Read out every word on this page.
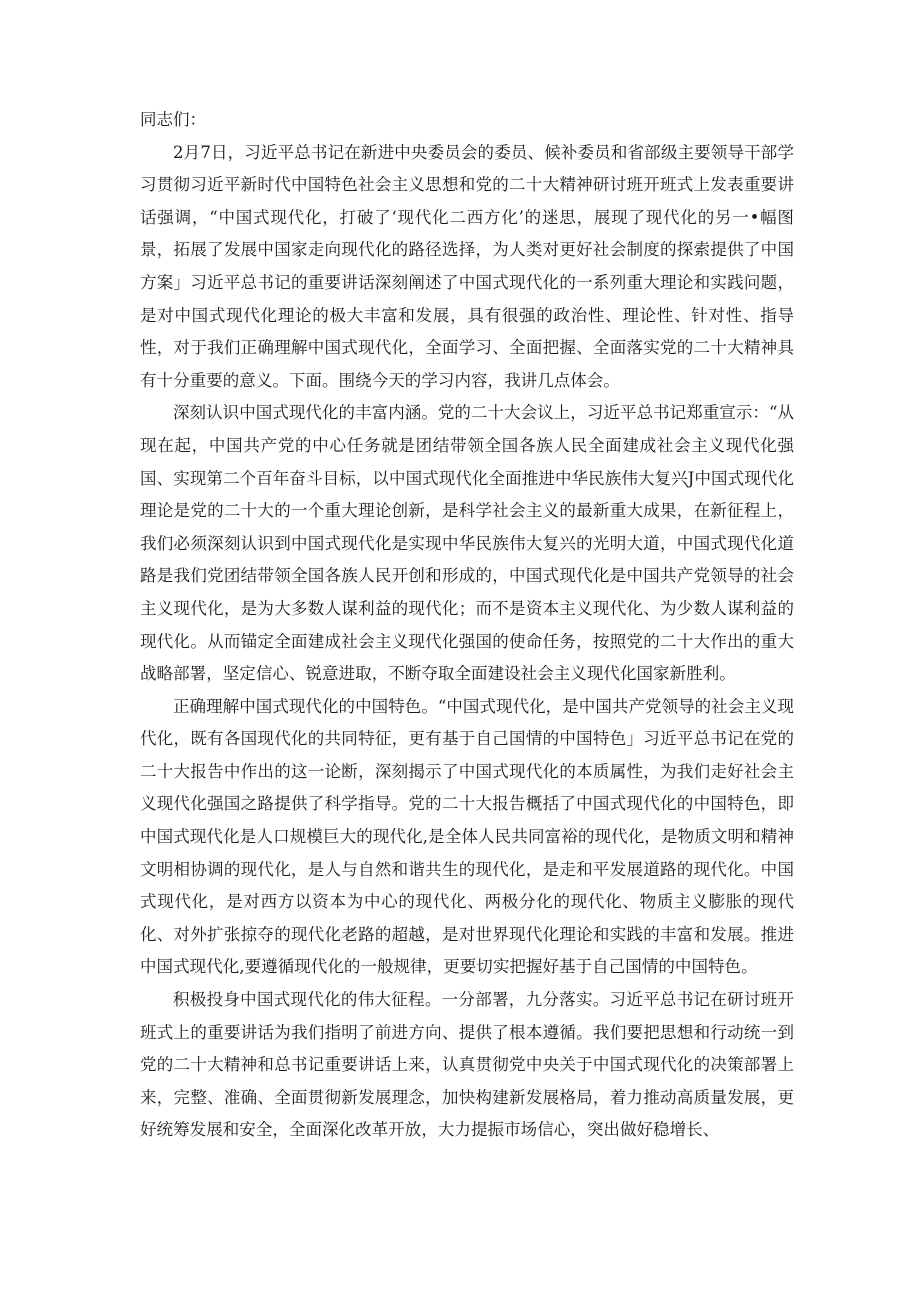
同志们：

2月7日，习近平总书记在新进中央委员会的委员、候补委员和省部级主要领导干部学习贯彻习近平新时代中国特色社会主义思想和党的二十大精神研讨班开班式上发表重要讲话强调，“中国式现代化，打破了‘现代化二西方化’的迷思，展现了现代化的另一•幅图景，拓展了发展中国家走向现代化的路径选择，为人类对更好社会制度的探索提供了中国方案」习近平总书记的重要讲话深刻阐述了中国式现代化的一系列重大理论和实践问题，是对中国式现代化理论的极大丰富和发展，具有很强的政治性、理论性、针对性、指导性，对于我们正确理解中国式现代化，全面学习、全面把握、全面落实党的二十大精神具有十分重要的意义。下面。围绕今天的学习内容，我讲几点体会。

深刻认识中国式现代化的丰富内涵。党的二十大会议上，习近平总书记郑重宣示：“从现在起，中国共产党的中心任务就是团结带领全国各族人民全面建成社会主义现代化强国、实现第二个百年奋斗目标，以中国式现代化全面推进中华民族伟大复兴J中国式现代化理论是党的二十大的一个重大理论创新，是科学社会主义的最新重大成果，在新征程上，我们必须深刻认识到中国式现代化是实现中华民族伟大复兴的光明大道，中国式现代化道路是我们党团结带领全国各族人民开创和形成的，中国式现代化是中国共产党领导的社会主义现代化，是为大多数人谋利益的现代化；而不是资本主义现代化、为少数人谋利益的现代化。从而锚定全面建成社会主义现代化强国的使命任务，按照党的二十大作出的重大战略部署，坚定信心、锐意进取，不断夺取全面建设社会主义现代化国家新胜利。

正确理解中国式现代化的中国特色。“中国式现代化，是中国共产党领导的社会主义现代化，既有各国现代化的共同特征，更有基于自己国情的中国特色」习近平总书记在党的二十大报告中作出的这一论断，深刻揭示了中国式现代化的本质属性，为我们走好社会主义现代化强国之路提供了科学指导。党的二十大报告概括了中国式现代化的中国特色，即中国式现代化是人口规模巨大的现代化,是全体人民共同富裕的现代化，是物质文明和精神文明相协调的现代化，是人与自然和谐共生的现代化，是走和平发展道路的现代化。中国式现代化，是对西方以资本为中心的现代化、两极分化的现代化、物质主义膨胀的现代化、对外扩张掠夺的现代化老路的超越，是对世界现代化理论和实践的丰富和发展。推进中国式现代化,要遵循现代化的一般规律，更要切实把握好基于自己国情的中国特色。

积极投身中国式现代化的伟大征程。一分部署，九分落实。习近平总书记在研讨班开班式上的重要讲话为我们指明了前进方向、提供了根本遵循。我们要把思想和行动统一到党的二十大精神和总书记重要讲话上来，认真贯彻党中央关于中国式现代化的决策部署上来，完整、准确、全面贯彻新发展理念，加快构建新发展格局，着力推动高质量发展，更好统筹发展和安全，全面深化改革开放，大力提振市场信心，突出做好稳增长、
